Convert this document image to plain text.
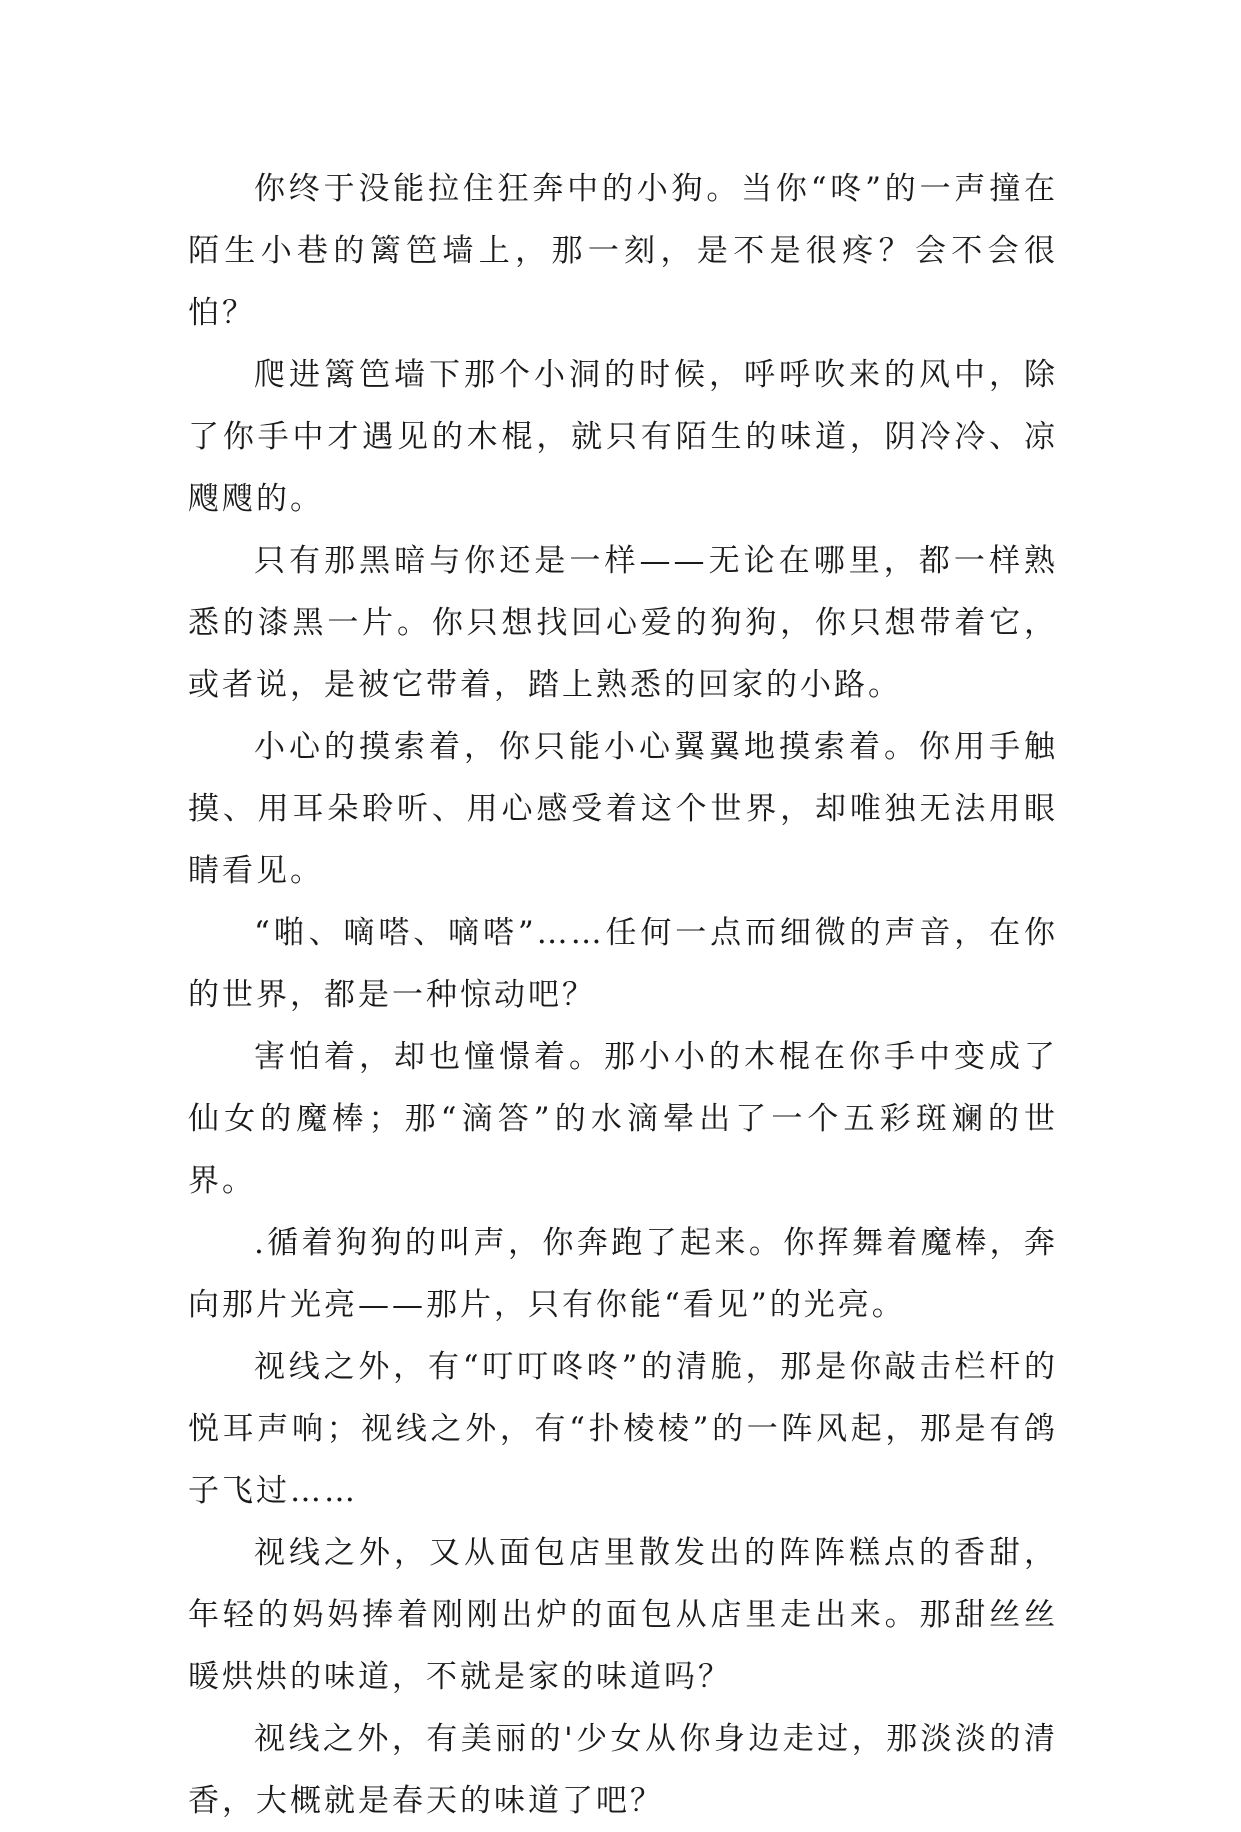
你终于没能拉住狂奔中的小狗。当你“咚”的一声撞在陌生小巷的篱笆墙上，那一刻，是不是很疼？会不会很怕？

爬进篱笆墙下那个小洞的时候，呼呼吹来的风中，除了你手中才遇见的木棍，就只有陌生的味道，阴冷冷、凉飕飕的。

只有那黑暗与你还是一样——无论在哪里，都一样熟悉的漆黑一片。你只想找回心爱的狗狗，你只想带着它，或者说，是被它带着，踏上熟悉的回家的小路。

小心的摸索着，你只能小心翼翼地摸索着。你用手触摸、用耳朵聆听、用心感受着这个世界，却唯独无法用眼睛看见。

“啪、嘀嗒、嘀嗒”……任何一点而细微的声音，在你的世界，都是一种惊动吧？

害怕着，却也憧憬着。那小小的木棍在你手中变成了仙女的魔棒；那“滴答”的水滴晕出了一个五彩斑斓的世界。

.循着狗狗的叫声，你奔跑了起来。你挥舞着魔棒，奔向那片光亮——那片，只有你能“看见”的光亮。

视线之外，有“叮叮咚咚”的清脆，那是你敲击栏杆的悦耳声响；视线之外，有“扑棱棱”的一阵风起，那是有鸽子飞过……

视线之外，又从面包店里散发出的阵阵糕点的香甜，年轻的妈妈捧着刚刚出炉的面包从店里走出来。那甜丝丝暖烘烘的味道，不就是家的味道吗？

视线之外，有美丽的'少女从你身边走过，那淡淡的清香，大概就是春天的味道了吧？
